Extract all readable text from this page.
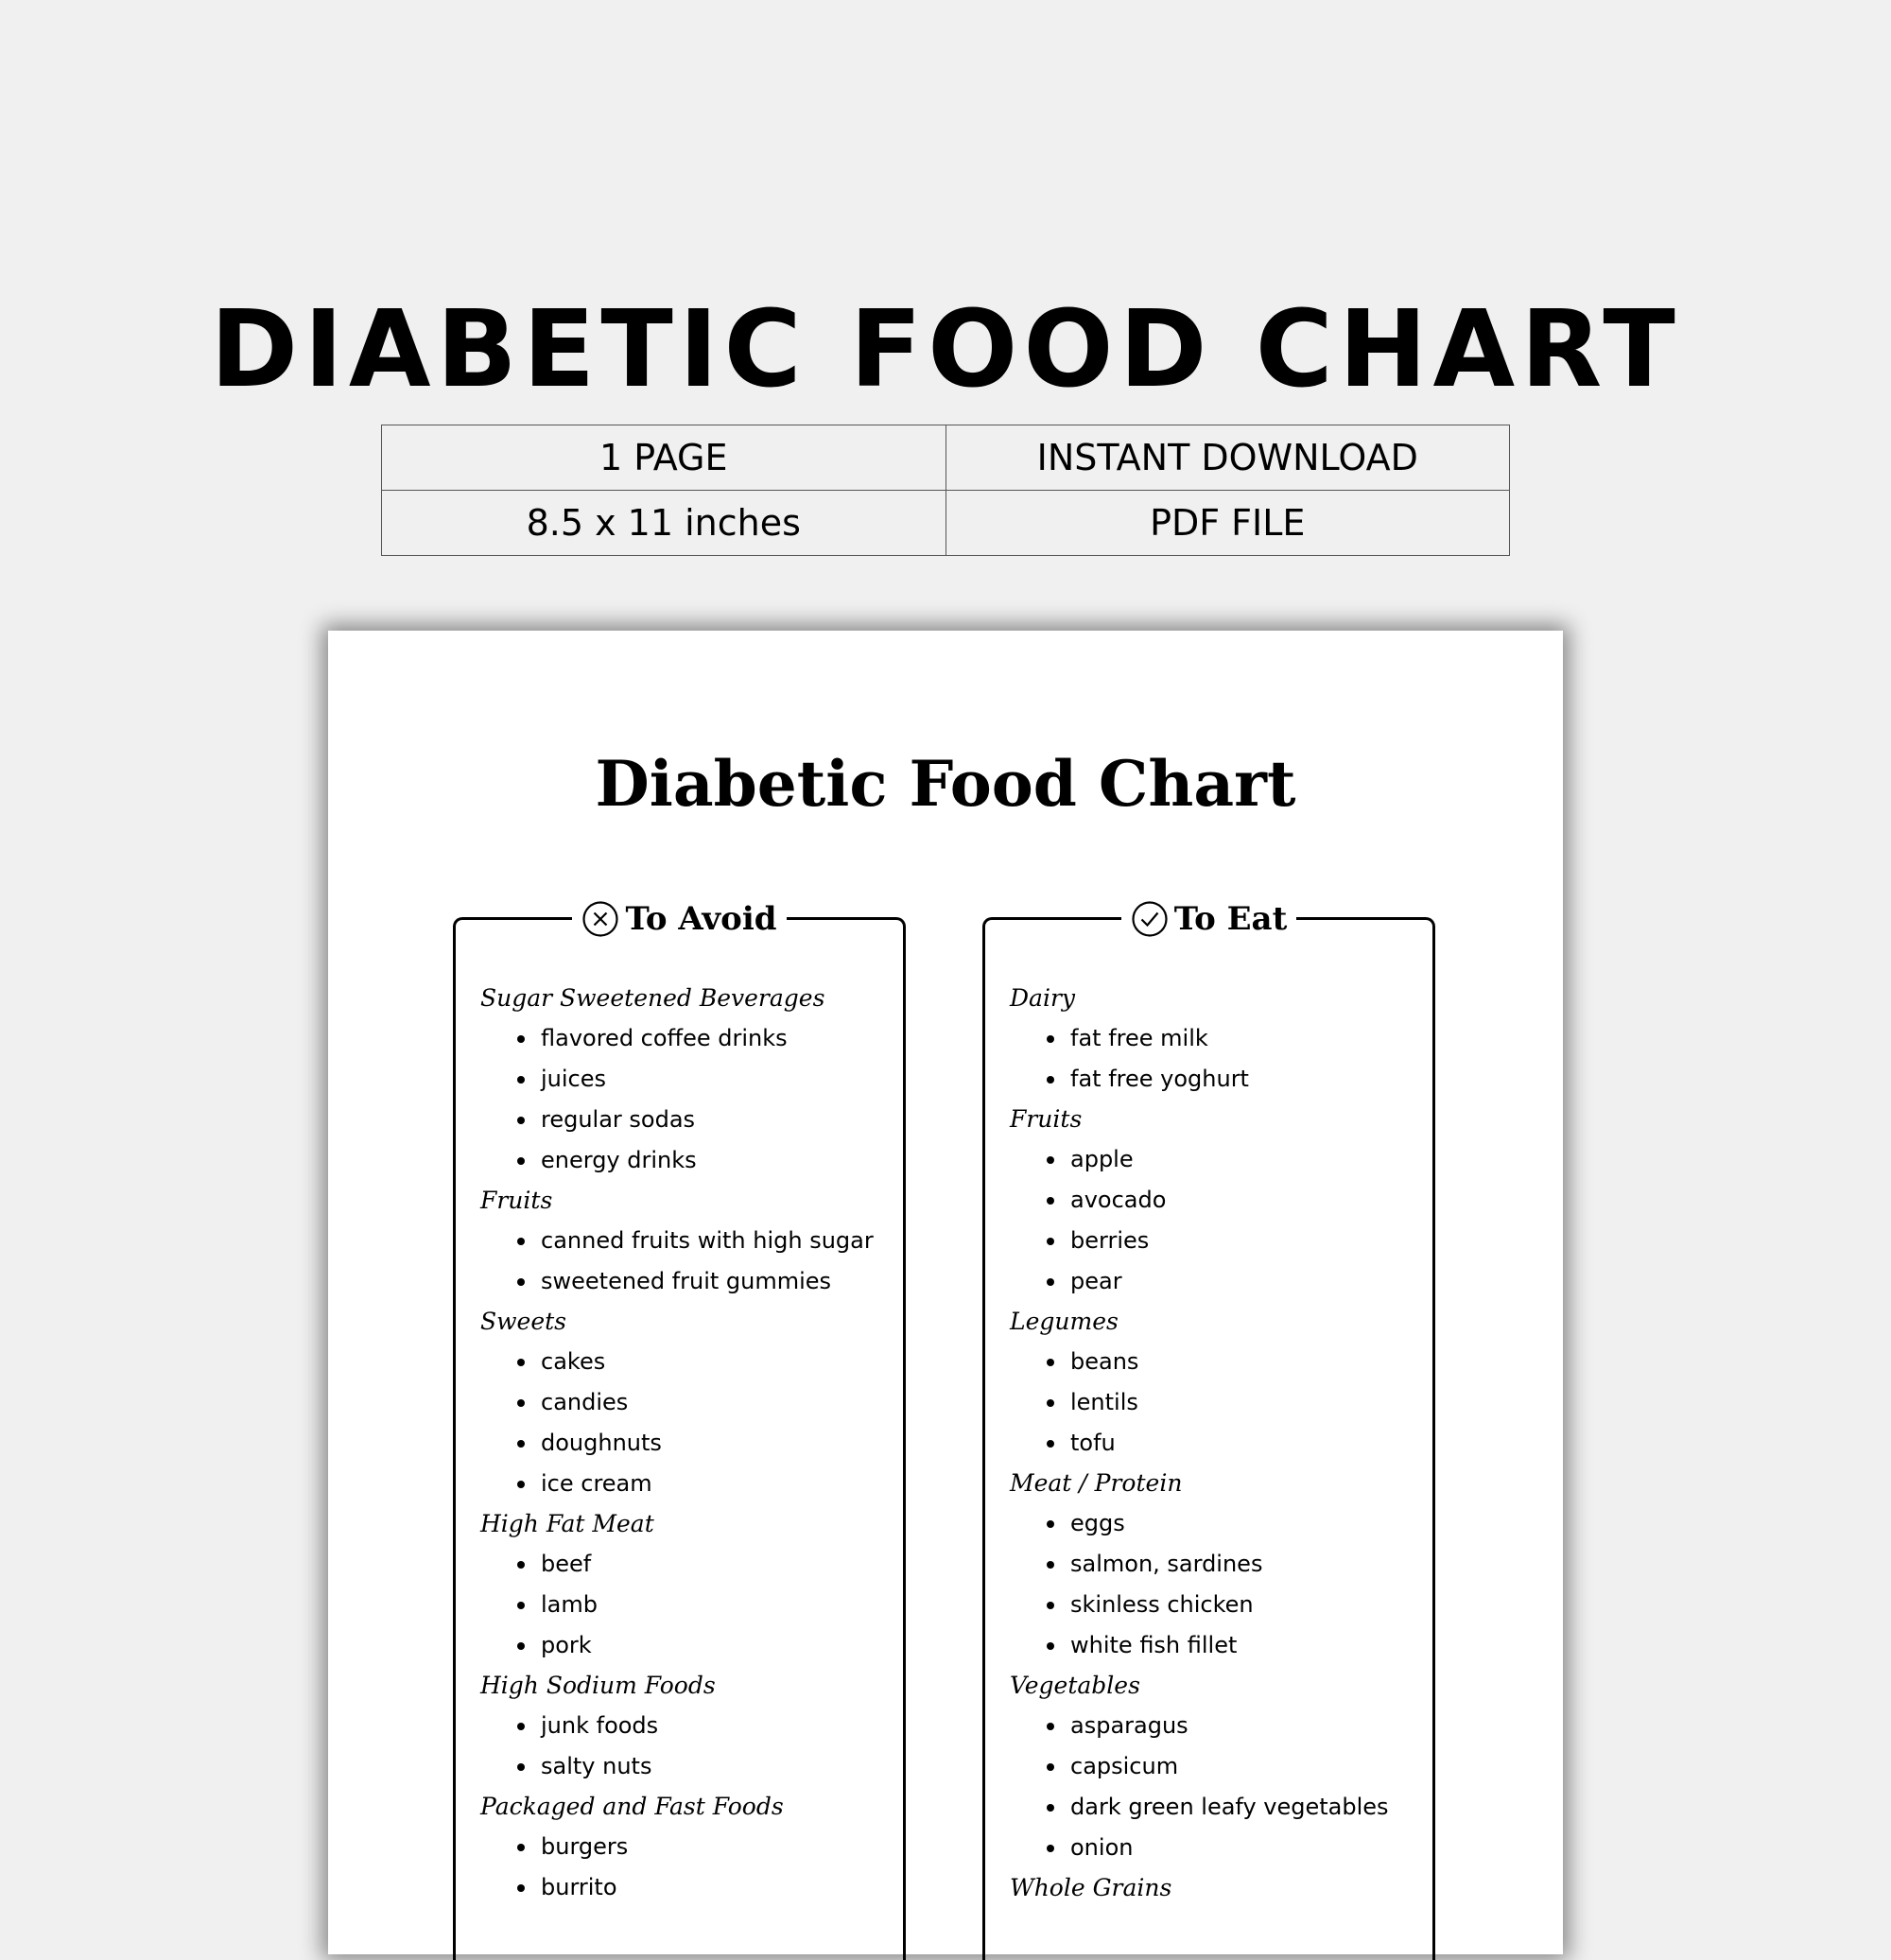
DIABETIC FOOD CHART
1 PAGE	INSTANT DOWNLOAD
8.5 x 11 inches	PDF FILE
Diabetic Food Chart
To Avoid
Sugar Sweetened Beverages
flavored coffee drinks
juices
regular sodas
energy drinks
Fruits
canned fruits with high sugar
sweetened fruit gummies
Sweets
cakes
candies
doughnuts
ice cream
High Fat Meat
beef
lamb
pork
High Sodium Foods
junk foods
salty nuts
Packaged and Fast Foods
burgers
burrito
To Eat
Dairy
fat free milk
fat free yoghurt
Fruits
apple
avocado
berries
pear
Legumes
beans
lentils
tofu
Meat / Protein
eggs
salmon, sardines
skinless chicken
white fish fillet
Vegetables
asparagus
capsicum
dark green leafy vegetables
onion
Whole Grains
